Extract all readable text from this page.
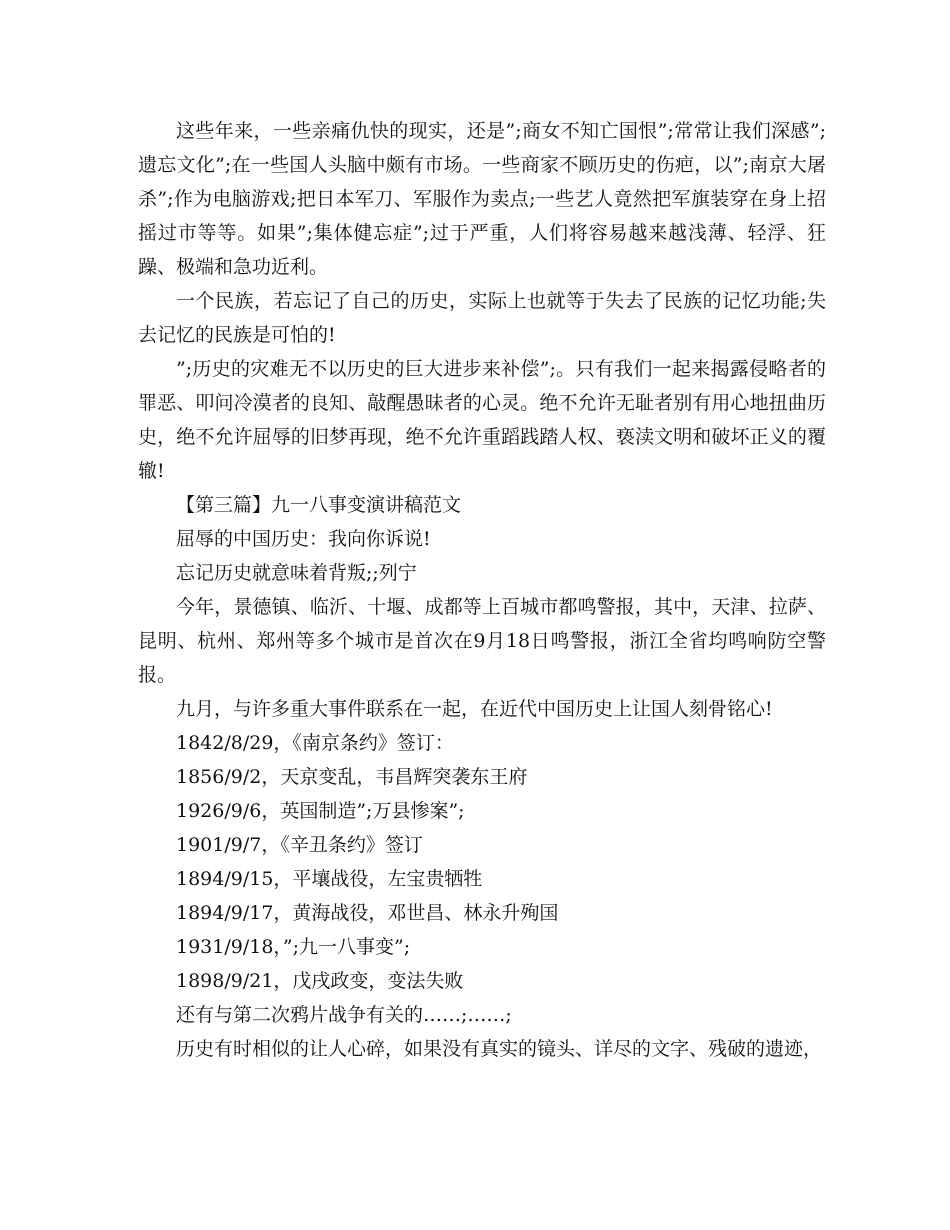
这些年来，一些亲痛仇快的现实，还是”;商女不知亡国恨”;常常让我们深感”;遗忘文化”;在一些国人头脑中颇有市场。一些商家不顾历史的伤疤，以”;南京大屠杀”;作为电脑游戏;把日本军刀、军服作为卖点;一些艺人竟然把军旗装穿在身上招摇过市等等。如果”;集体健忘症”;过于严重，人们将容易越来越浅薄、轻浮、狂躁、极端和急功近利。

一个民族，若忘记了自己的历史，实际上也就等于失去了民族的记忆功能;失去记忆的民族是可怕的!

”;历史的灾难无不以历史的巨大进步来补偿”;。只有我们一起来揭露侵略者的罪恶、叩问冷漠者的良知、敲醒愚昧者的心灵。绝不允许无耻者别有用心地扭曲历史，绝不允许屈辱的旧梦再现，绝不允许重蹈践踏人权、亵渎文明和破坏正义的覆辙!

【第三篇】九一八事变演讲稿范文

屈辱的中国历史：我向你诉说!

忘记历史就意味着背叛;;列宁

今年，景德镇、临沂、十堰、成都等上百城市都鸣警报，其中，天津、拉萨、昆明、杭州、郑州等多个城市是首次在9月18日鸣警报，浙江全省均鸣响防空警报。

九月，与许多重大事件联系在一起，在近代中国历史上让国人刻骨铭心!

1842/8/29，《南京条约》签订：

1856/9/2，天京变乱，韦昌辉突袭东王府

1926/9/6，英国制造”;万县惨案”;

1901/9/7，《辛丑条约》签订

1894/9/15，平壤战役，左宝贵牺牲

1894/9/17，黄海战役，邓世昌、林永升殉国

1931/9/18，”;九一八事变”;

1898/9/21，戊戌政变，变法失败

还有与第二次鸦片战争有关的……;……;

历史有时相似的让人心碎，如果没有真实的镜头、详尽的文字、残破的遗迹，
